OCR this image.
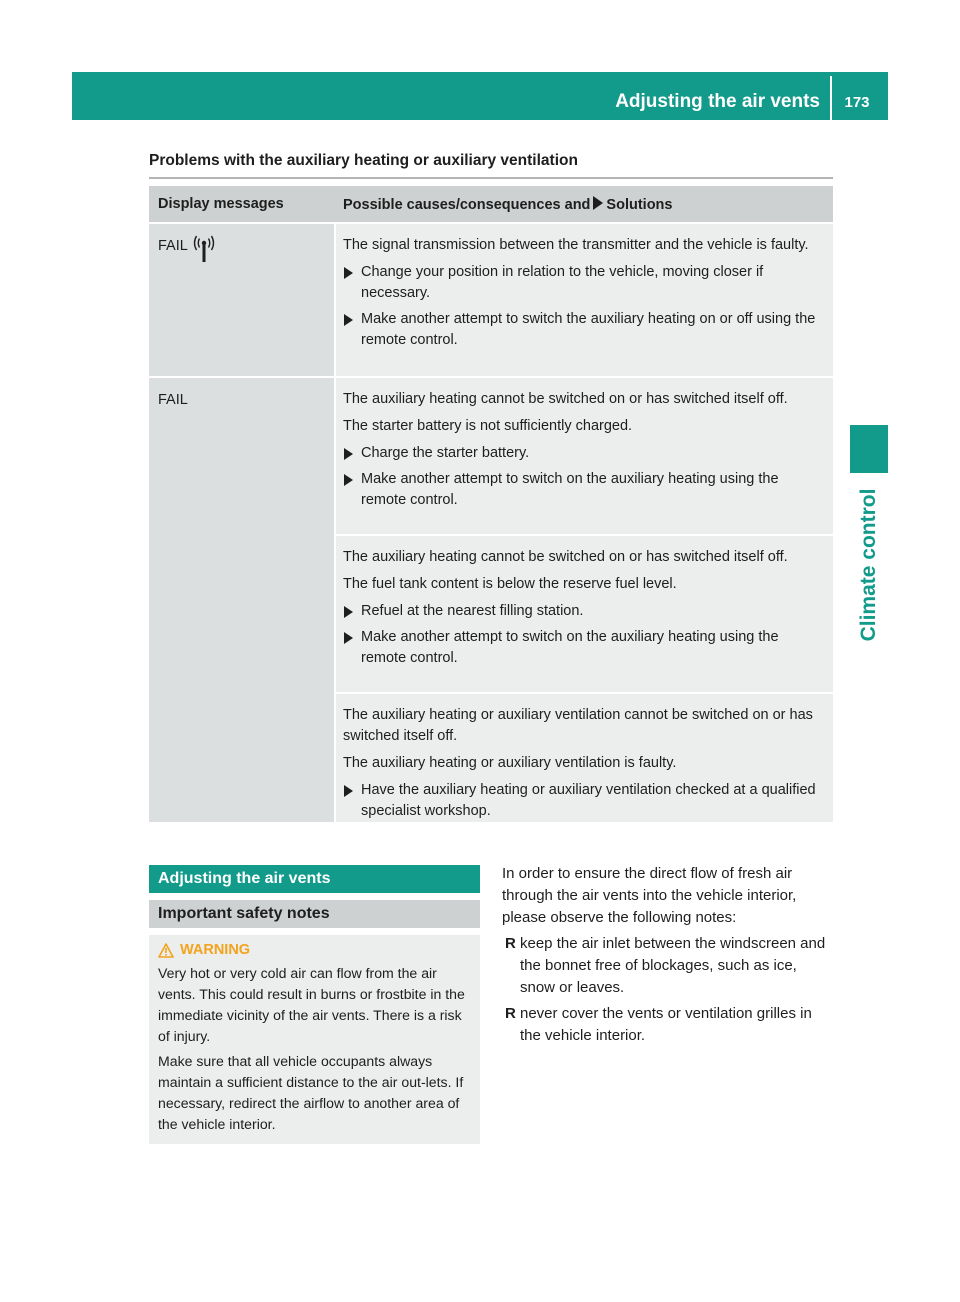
Adjusting the air vents	173
Climate control
Problems with the auxiliary heating or auxiliary ventilation
Display messages	Possible causes/consequences and Solutions
FAIL	The signal transmission between the transmitter and the vehicle is faulty.
Change your position in relation to the vehicle, moving closer if necessary.
Make another attempt to switch the auxiliary heating on or off using the remote control.
FAIL	The auxiliary heating cannot be switched on or has switched itself off.
The starter battery is not sufficiently charged.
Charge the starter battery.
Make another attempt to switch on the auxiliary heating using the remote control.
The auxiliary heating cannot be switched on or has switched itself off.
The fuel tank content is below the reserve fuel level.
Refuel at the nearest filling station.
Make another attempt to switch on the auxiliary heating using the remote control.
The auxiliary heating or auxiliary ventilation cannot be switched on or has switched itself off.
The auxiliary heating or auxiliary ventilation is faulty.
Have the auxiliary heating or auxiliary ventilation checked at a qualified specialist workshop.
Adjusting the air vents
Important safety notes
WARNING
Very hot or very cold air can flow from the air vents. This could result in burns or frostbite in the immediate vicinity of the air vents. There is a risk of injury.
Make sure that all vehicle occupants always maintain a sufficient distance to the air out-lets. If necessary, redirect the airflow to another area of the vehicle interior.
In order to ensure the direct flow of fresh air through the air vents into the vehicle interior, please observe the following notes:
R keep the air inlet between the windscreen and the bonnet free of blockages, such as ice, snow or leaves.
R never cover the vents or ventilation grilles in the vehicle interior.
